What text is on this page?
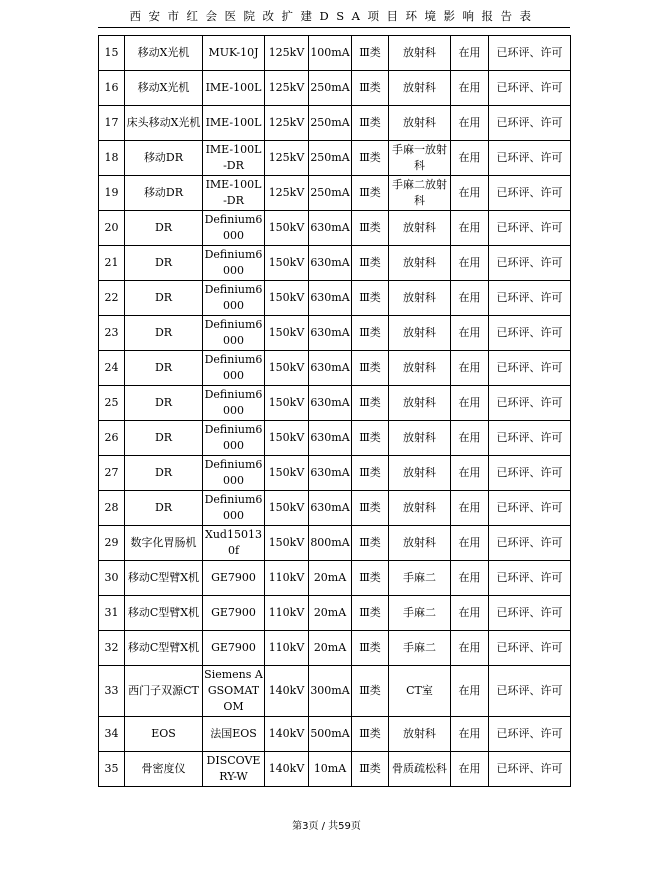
西安市红会医院改扩建DSA项目环境影响报告表
15	移动X光机	MUK-10J	125kV	100mA	Ⅲ类	放射科	在用	已环评、许可
16	移动X光机	IME-100L	125kV	250mA	Ⅲ类	放射科	在用	已环评、许可
17	床头移动X光机	IME-100L	125kV	250mA	Ⅲ类	放射科	在用	已环评、许可
18	移动DR	IME-100L-DR	125kV	250mA	Ⅲ类	手麻一放射科	在用	已环评、许可
19	移动DR	IME-100L-DR	125kV	250mA	Ⅲ类	手麻二放射科	在用	已环评、许可
20	DR	Definium6000	150kV	630mA	Ⅲ类	放射科	在用	已环评、许可
21	DR	Definium6000	150kV	630mA	Ⅲ类	放射科	在用	已环评、许可
22	DR	Definium6000	150kV	630mA	Ⅲ类	放射科	在用	已环评、许可
23	DR	Definium6000	150kV	630mA	Ⅲ类	放射科	在用	已环评、许可
24	DR	Definium6000	150kV	630mA	Ⅲ类	放射科	在用	已环评、许可
25	DR	Definium6000	150kV	630mA	Ⅲ类	放射科	在用	已环评、许可
26	DR	Definium6000	150kV	630mA	Ⅲ类	放射科	在用	已环评、许可
27	DR	Definium6000	150kV	630mA	Ⅲ类	放射科	在用	已环评、许可
28	DR	Definium6000	150kV	630mA	Ⅲ类	放射科	在用	已环评、许可
29	数字化胃肠机	Xud150130f	150kV	800mA	Ⅲ类	放射科	在用	已环评、许可
30	移动C型臂X机	GE7900	110kV	20mA	Ⅲ类	手麻二	在用	已环评、许可
31	移动C型臂X机	GE7900	110kV	20mA	Ⅲ类	手麻二	在用	已环评、许可
32	移动C型臂X机	GE7900	110kV	20mA	Ⅲ类	手麻二	在用	已环评、许可
33	西门子双源CT	Siemens AGSOMATOM	140kV	300mA	Ⅲ类	CT室	在用	已环评、许可
34	EOS	法国EOS	140kV	500mA	Ⅲ类	放射科	在用	已环评、许可
35	骨密度仪	DISCOVERY-W	140kV	10mA	Ⅲ类	骨质疏松科	在用	已环评、许可
第3页 / 共59页
